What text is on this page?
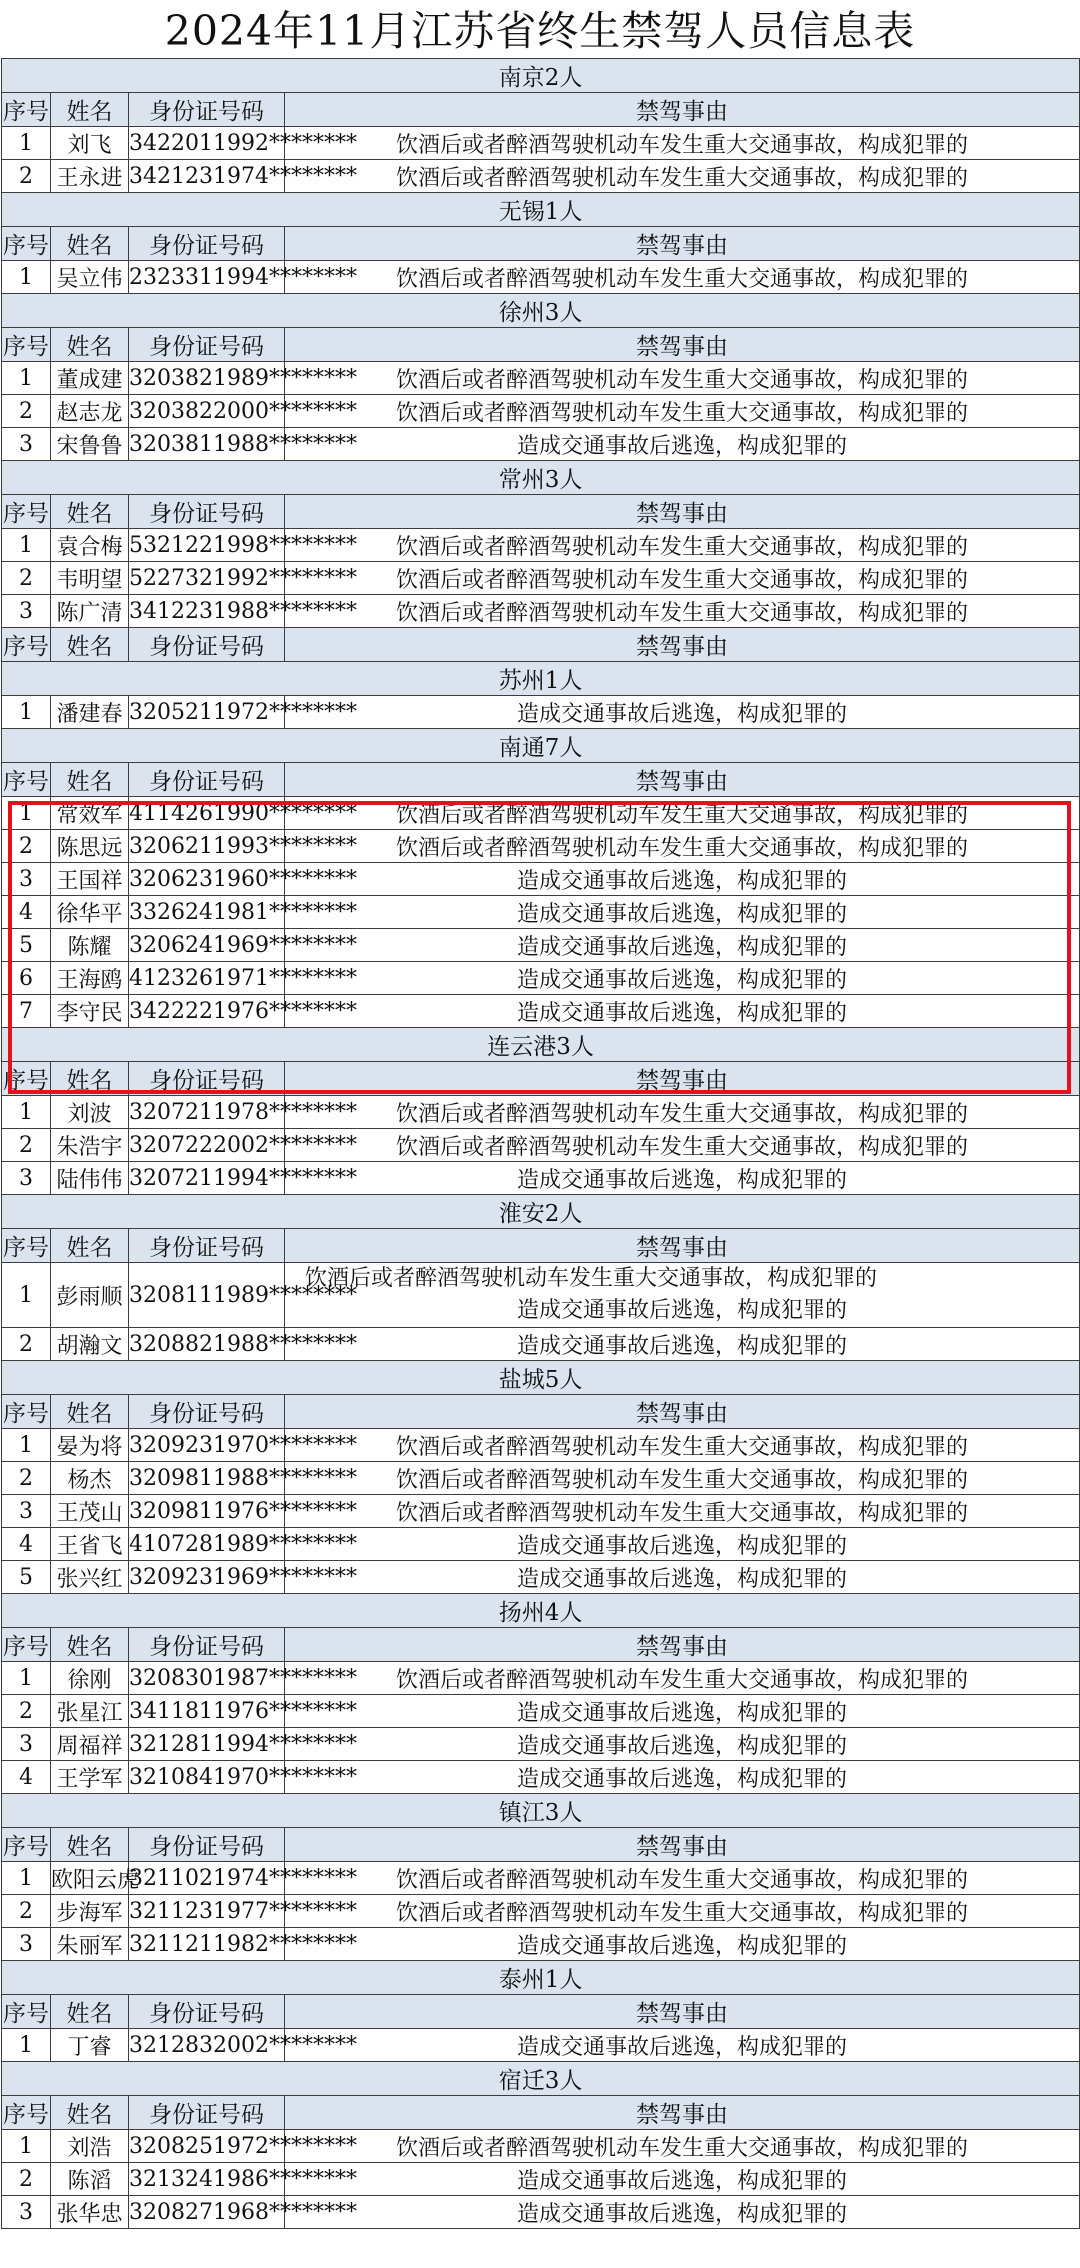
2024年11月江苏省终生禁驾人员信息表
南京2人			
序号	姓名	身份证号码	禁驾事由
1	刘飞	3422011992********	饮酒后或者醉酒驾驶机动车发生重大交通事故，构成犯罪的
2	王永进	3421231974********	饮酒后或者醉酒驾驶机动车发生重大交通事故，构成犯罪的
无锡1人			
序号	姓名	身份证号码	禁驾事由
1	吴立伟	2323311994********	饮酒后或者醉酒驾驶机动车发生重大交通事故，构成犯罪的
徐州3人			
序号	姓名	身份证号码	禁驾事由
1	董成建	3203821989********	饮酒后或者醉酒驾驶机动车发生重大交通事故，构成犯罪的
2	赵志龙	3203822000********	饮酒后或者醉酒驾驶机动车发生重大交通事故，构成犯罪的
3	宋鲁鲁	3203811988********	造成交通事故后逃逸，构成犯罪的
常州3人			
序号	姓名	身份证号码	禁驾事由
1	袁合梅	5321221998********	饮酒后或者醉酒驾驶机动车发生重大交通事故，构成犯罪的
2	韦明望	5227321992********	饮酒后或者醉酒驾驶机动车发生重大交通事故，构成犯罪的
3	陈广清	3412231988********	饮酒后或者醉酒驾驶机动车发生重大交通事故，构成犯罪的
序号	姓名	身份证号码	禁驾事由
苏州1人			
1	潘建春	3205211972********	造成交通事故后逃逸，构成犯罪的
南通7人			
序号	姓名	身份证号码	禁驾事由
1	常效军	4114261990********	饮酒后或者醉酒驾驶机动车发生重大交通事故，构成犯罪的
2	陈思远	3206211993********	饮酒后或者醉酒驾驶机动车发生重大交通事故，构成犯罪的
3	王国祥	3206231960********	造成交通事故后逃逸，构成犯罪的
4	徐华平	3326241981********	造成交通事故后逃逸，构成犯罪的
5	陈耀	3206241969********	造成交通事故后逃逸，构成犯罪的
6	王海鸥	4123261971********	造成交通事故后逃逸，构成犯罪的
7	李守民	3422221976********	造成交通事故后逃逸，构成犯罪的
连云港3人			
序号	姓名	身份证号码	禁驾事由
1	刘波	3207211978********	饮酒后或者醉酒驾驶机动车发生重大交通事故，构成犯罪的
2	朱浩宇	3207222002********	饮酒后或者醉酒驾驶机动车发生重大交通事故，构成犯罪的
3	陆伟伟	3207211994********	造成交通事故后逃逸，构成犯罪的
淮安2人			
序号	姓名	身份证号码	禁驾事由
1	彭雨顺	3208111989********	饮酒后或者醉酒驾驶机动车发生重大交通事故，构成犯罪的
造成交通事故后逃逸，构成犯罪的

2	胡瀚文	3208821988********	造成交通事故后逃逸，构成犯罪的
盐城5人			
序号	姓名	身份证号码	禁驾事由
1	晏为将	3209231970********	饮酒后或者醉酒驾驶机动车发生重大交通事故，构成犯罪的
2	杨杰	3209811988********	饮酒后或者醉酒驾驶机动车发生重大交通事故，构成犯罪的
3	王茂山	3209811976********	饮酒后或者醉酒驾驶机动车发生重大交通事故，构成犯罪的
4	王省飞	4107281989********	造成交通事故后逃逸，构成犯罪的
5	张兴红	3209231969********	造成交通事故后逃逸，构成犯罪的
扬州4人			
序号	姓名	身份证号码	禁驾事由
1	徐刚	3208301987********	饮酒后或者醉酒驾驶机动车发生重大交通事故，构成犯罪的
2	张星江	3411811976********	造成交通事故后逃逸，构成犯罪的
3	周福祥	3212811994********	造成交通事故后逃逸，构成犯罪的
4	王学军	3210841970********	造成交通事故后逃逸，构成犯罪的
镇江3人			
序号	姓名	身份证号码	禁驾事由
1	欧阳云虎	3211021974********	饮酒后或者醉酒驾驶机动车发生重大交通事故，构成犯罪的
2	步海军	3211231977********	饮酒后或者醉酒驾驶机动车发生重大交通事故，构成犯罪的
3	朱丽军	3211211982********	造成交通事故后逃逸，构成犯罪的
泰州1人			
序号	姓名	身份证号码	禁驾事由
1	丁睿	3212832002********	造成交通事故后逃逸，构成犯罪的
宿迁3人			
序号	姓名	身份证号码	禁驾事由
1	刘浩	3208251972********	饮酒后或者醉酒驾驶机动车发生重大交通事故，构成犯罪的
2	陈滔	3213241986********	造成交通事故后逃逸，构成犯罪的
3	张华忠	3208271968********	造成交通事故后逃逸，构成犯罪的
